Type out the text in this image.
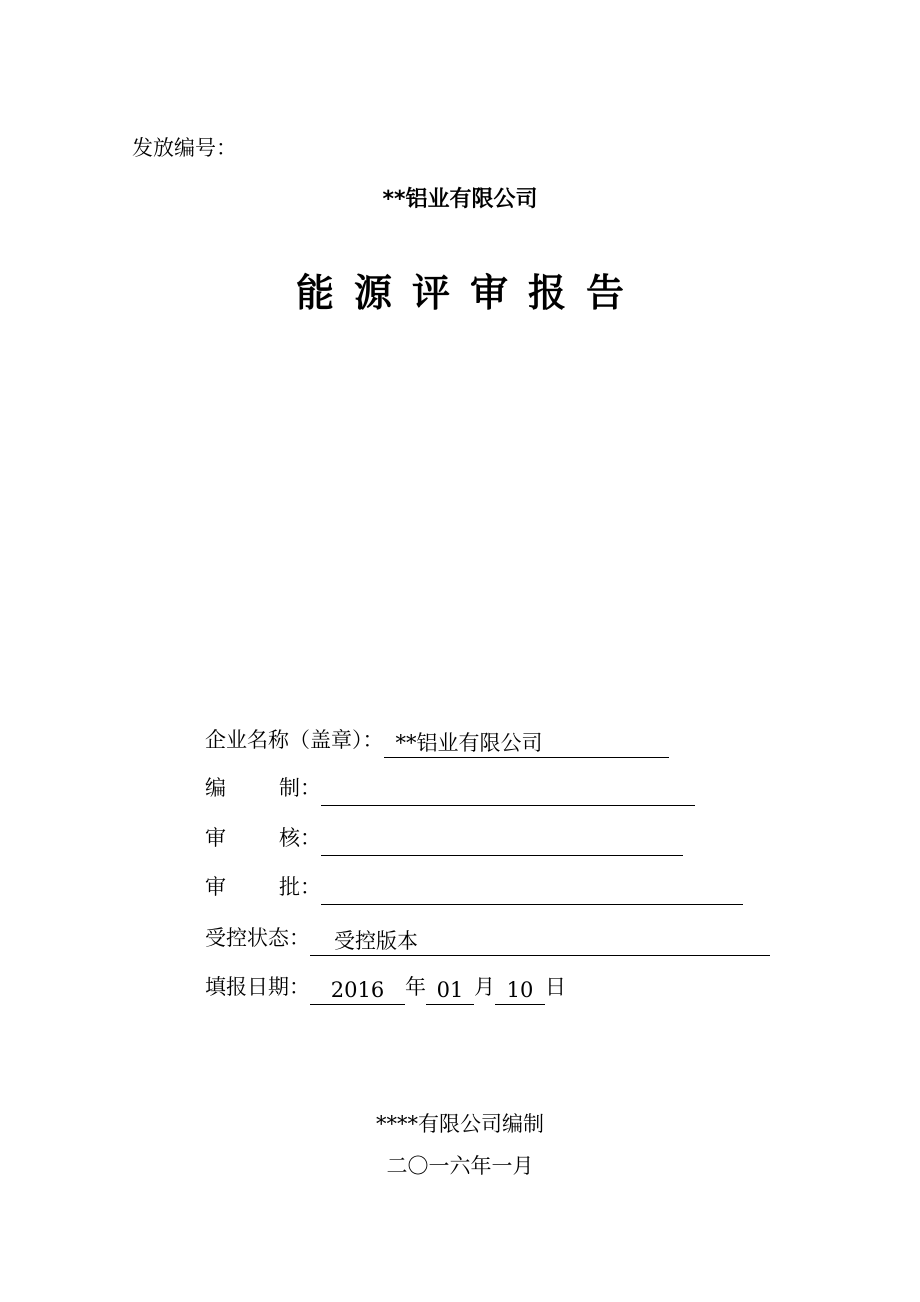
发放编号：
**铝业有限公司
能源评审报告
企业名称（盖章）： **铝业有限公司
编　　制 ：
审　　核 ：
审　　批 ：
受控状态：	受控版本
填报日期： 2016 年 01 月 10 日
****有限公司编制
二〇一六年一月
